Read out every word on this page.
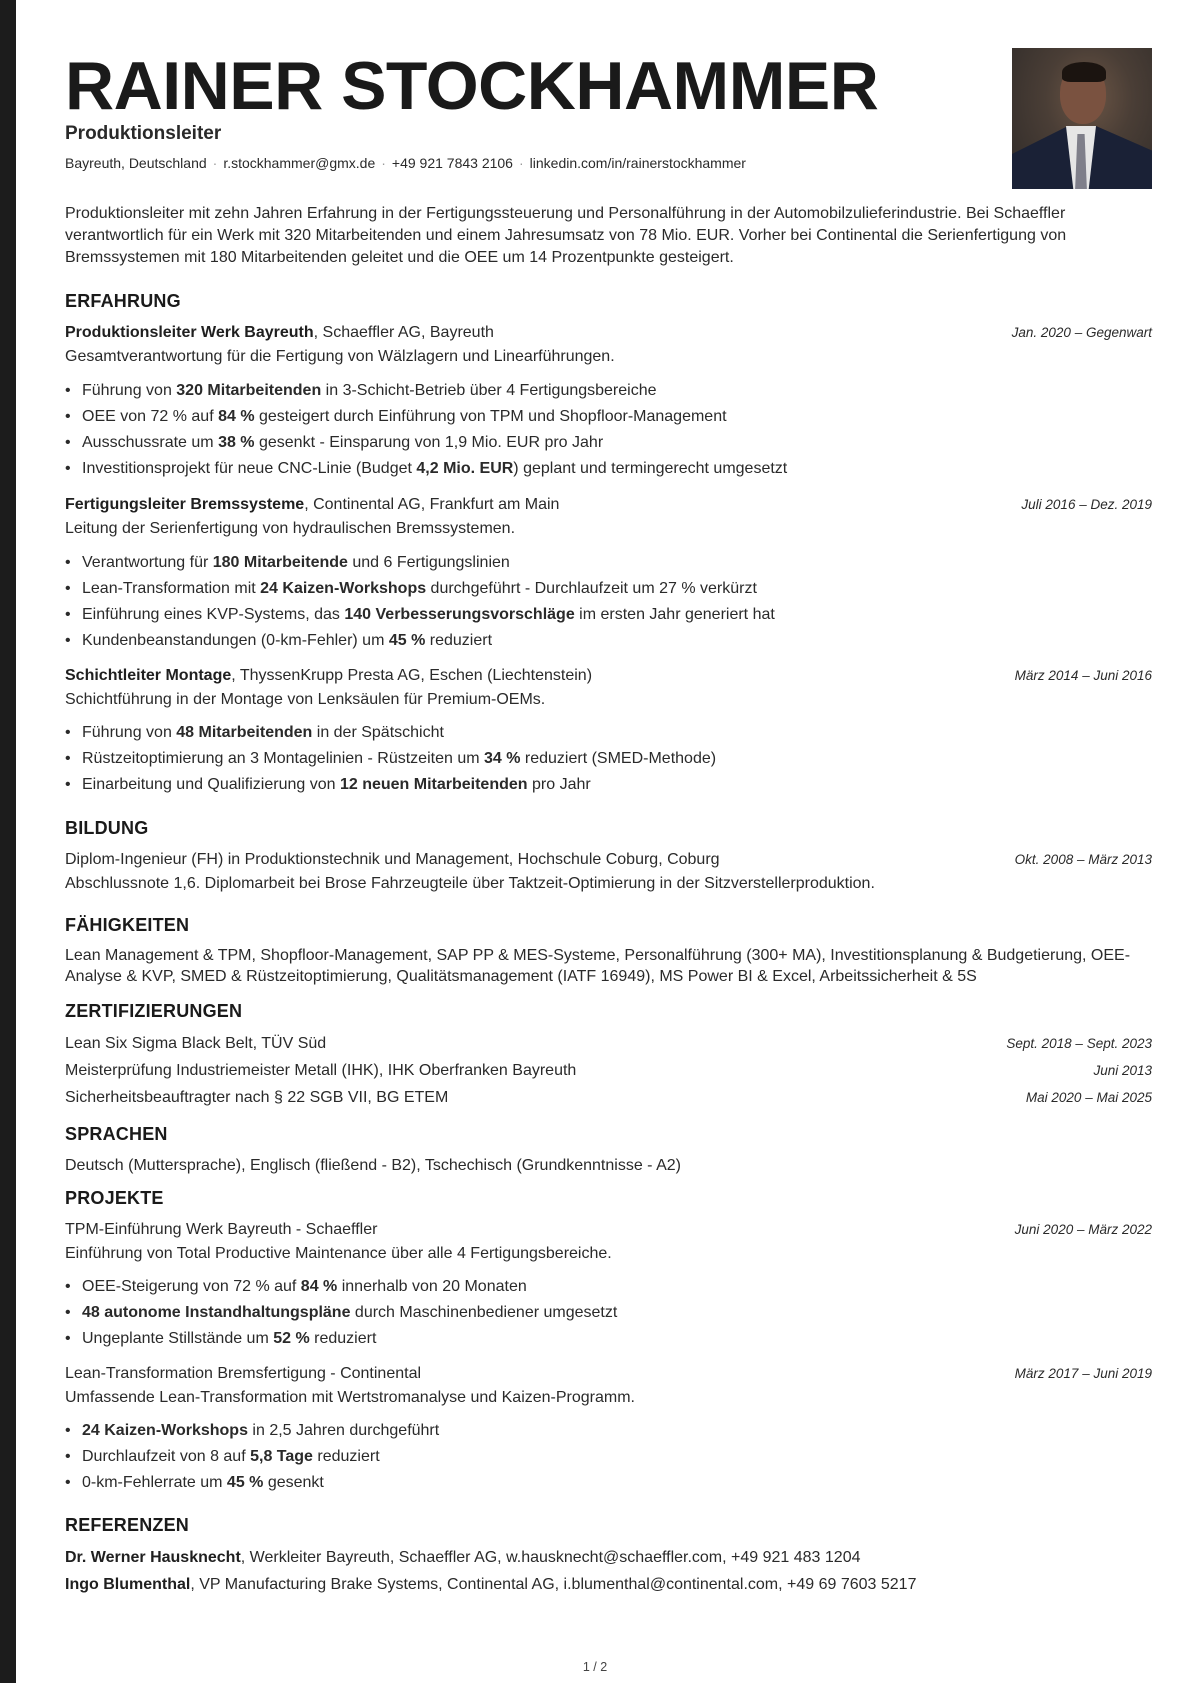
RAINER STOCKHAMMER
Produktionsleiter
Bayreuth, Deutschland · r.stockhammer@gmx.de · +49 921 7843 2106 · linkedin.com/in/rainerstockhammer
Produktionsleiter mit zehn Jahren Erfahrung in der Fertigungssteuerung und Personalführung in der Automobilzulieferindustrie. Bei Schaeffler verantwortlich für ein Werk mit 320 Mitarbeitenden und einem Jahresumsatz von 78 Mio. EUR. Vorher bei Continental die Serienfertigung von Bremssystemen mit 180 Mitarbeitenden geleitet und die OEE um 14 Prozentpunkte gesteigert.
ERFAHRUNG
Produktionsleiter Werk Bayreuth, Schaeffler AG, Bayreuth	Jan. 2020 – Gegenwart
Gesamtverantwortung für die Fertigung von Wälzlagern und Linearführungen.
• Führung von 320 Mitarbeitenden in 3-Schicht-Betrieb über 4 Fertigungsbereiche
• OEE von 72 % auf 84 % gesteigert durch Einführung von TPM und Shopfloor-Management
• Ausschussrate um 38 % gesenkt - Einsparung von 1,9 Mio. EUR pro Jahr
• Investitionsprojekt für neue CNC-Linie (Budget 4,2 Mio. EUR) geplant und termingerecht umgesetzt
Fertigungsleiter Bremssysteme, Continental AG, Frankfurt am Main	Juli 2016 – Dez. 2019
Leitung der Serienfertigung von hydraulischen Bremssystemen.
• Verantwortung für 180 Mitarbeitende und 6 Fertigungslinien
• Lean-Transformation mit 24 Kaizen-Workshops durchgeführt - Durchlaufzeit um 27 % verkürzt
• Einführung eines KVP-Systems, das 140 Verbesserungsvorschläge im ersten Jahr generiert hat
• Kundenbeanstandungen (0-km-Fehler) um 45 % reduziert
Schichtleiter Montage, ThyssenKrupp Presta AG, Eschen (Liechtenstein)	März 2014 – Juni 2016
Schichtführung in der Montage von Lenksäulen für Premium-OEMs.
• Führung von 48 Mitarbeitenden in der Spätschicht
• Rüstzeitoptimierung an 3 Montagelinien - Rüstzeiten um 34 % reduziert (SMED-Methode)
• Einarbeitung und Qualifizierung von 12 neuen Mitarbeitenden pro Jahr
BILDUNG
Diplom-Ingenieur (FH) in Produktionstechnik und Management, Hochschule Coburg, Coburg	Okt. 2008 – März 2013
Abschlussnote 1,6. Diplomarbeit bei Brose Fahrzeugteile über Taktzeit-Optimierung in der Sitzverstellerproduktion.
FÄHIGKEITEN
Lean Management & TPM, Shopfloor-Management, SAP PP & MES-Systeme, Personalführung (300+ MA), Investitionsplanung & Budgetierung, OEE-Analyse & KVP, SMED & Rüstzeitoptimierung, Qualitätsmanagement (IATF 16949), MS Power BI & Excel, Arbeitssicherheit & 5S
ZERTIFIZIERUNGEN
Lean Six Sigma Black Belt, TÜV Süd	Sept. 2018 – Sept. 2023
Meisterprüfung Industriemeister Metall (IHK), IHK Oberfranken Bayreuth	Juni 2013
Sicherheitsbeauftragter nach § 22 SGB VII, BG ETEM	Mai 2020 – Mai 2025
SPRACHEN
Deutsch (Muttersprache), Englisch (fließend - B2), Tschechisch (Grundkenntnisse - A2)
PROJEKTE
TPM-Einführung Werk Bayreuth - Schaeffler	Juni 2020 – März 2022
Einführung von Total Productive Maintenance über alle 4 Fertigungsbereiche.
• OEE-Steigerung von 72 % auf 84 % innerhalb von 20 Monaten
• 48 autonome Instandhaltungspläne durch Maschinenbediener umgesetzt
• Ungeplante Stillstände um 52 % reduziert
Lean-Transformation Bremsfertigung - Continental	März 2017 – Juni 2019
Umfassende Lean-Transformation mit Wertstromanalyse und Kaizen-Programm.
• 24 Kaizen-Workshops in 2,5 Jahren durchgeführt
• Durchlaufzeit von 8 auf 5,8 Tage reduziert
• 0-km-Fehlerrate um 45 % gesenkt
REFERENZEN
Dr. Werner Hausknecht, Werkleiter Bayreuth, Schaeffler AG, w.hausknecht@schaeffler.com, +49 921 483 1204
Ingo Blumenthal, VP Manufacturing Brake Systems, Continental AG, i.blumenthal@continental.com, +49 69 7603 5217
1 / 2
